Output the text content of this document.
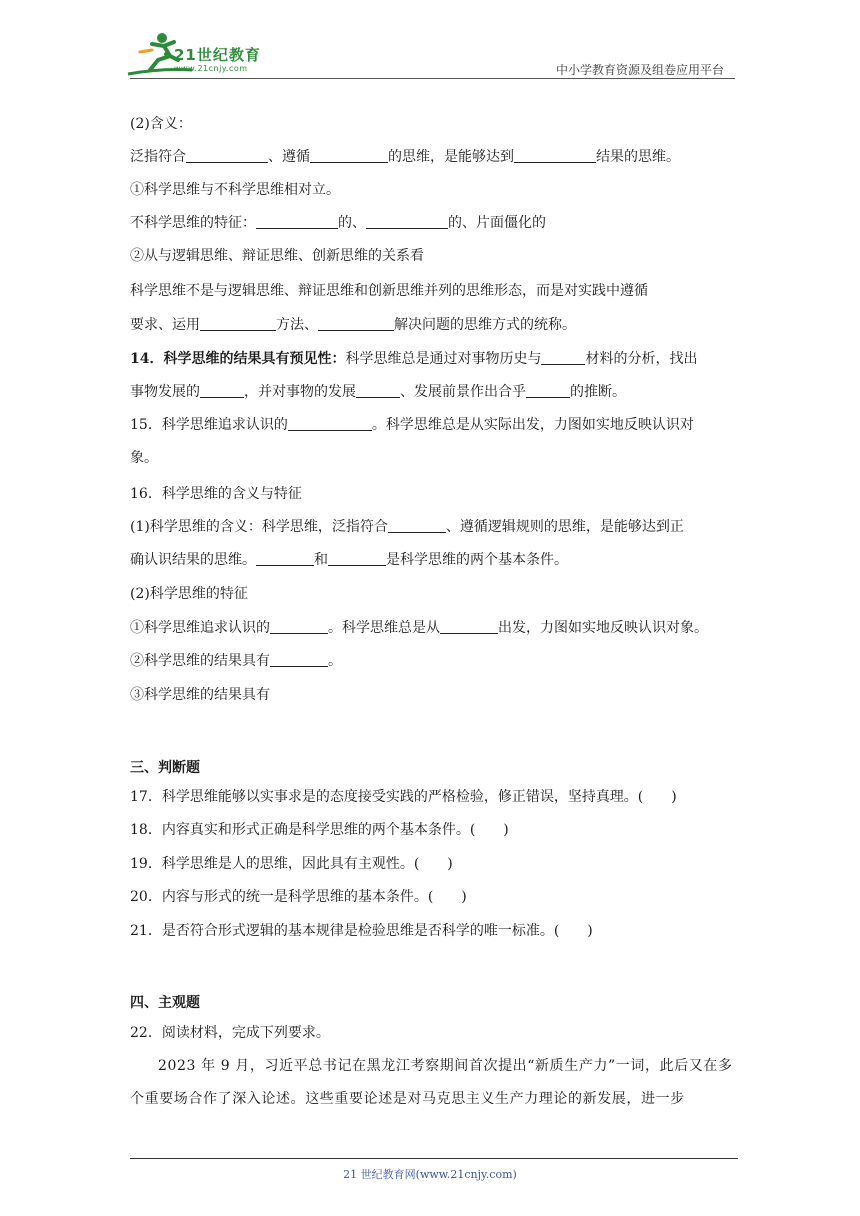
21世纪教育
www.21cnjy.com	中小学教育资源及组卷应用平台
(2)含义：
泛指符合	、遵循	的思维，是能够达到	结果的思维。
①科学思维与不科学思维相对立。
不科学思维的特征：	的、	的、片面僵化的
②从与逻辑思维、辩证思维、创新思维的关系看
科学思维不是与逻辑思维、辩证思维和创新思维并列的思维形态，而是对实践中遵循
要求、运用	方法、	解决问题的思维方式的统称。
14．科学思维的结果具有预见性：科学思维总是通过对事物历史与	材料的分析，找出
事物发展的	，并对事物的发展	、发展前景作出合乎	的推断。
15．科学思维追求认识的	。科学思维总是从实际出发，力图如实地反映认识对
象。
16．科学思维的含义与特征
(1)科学思维的含义：科学思维，泛指符合	、遵循逻辑规则的思维，是能够达到正
确认识结果的思维。	和	是科学思维的两个基本条件。
(2)科学思维的特征
①科学思维追求认识的	。科学思维总是从	出发，力图如实地反映认识对象。
②科学思维的结果具有	。
③科学思维的结果具有
三、判断题
17．科学思维能够以实事求是的态度接受实践的严格检验，修正错误，坚持真理。(　　)
18．内容真实和形式正确是科学思维的两个基本条件。(　　)
19．科学思维是人的思维，因此具有主观性。(　　)
20．内容与形式的统一是科学思维的基本条件。(　　)
21．是否符合形式逻辑的基本规律是检验思维是否科学的唯一标准。(　　)
四、主观题
22．阅读材料，完成下列要求。
2023 年 9 月，习近平总书记在黑龙江考察期间首次提出“新质生产力”一词，此后又在多个重要场合作了深入论述。这些重要论述是对马克思主义生产力理论的新发展，进一步
21 世纪教育网(www.21cnjy.com)
